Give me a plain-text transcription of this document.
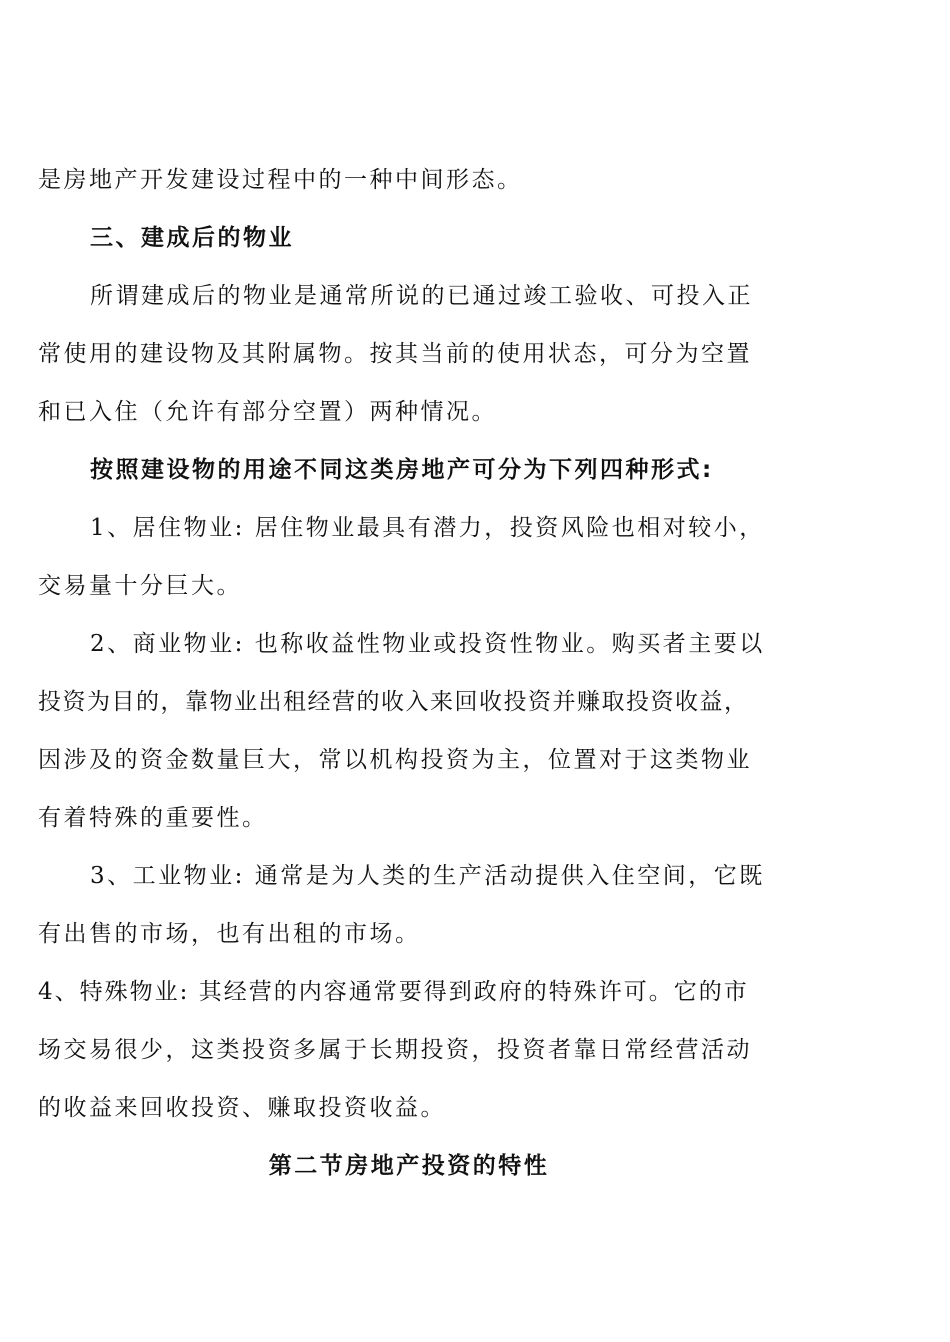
是房地产开发建设过程中的一种中间形态。
三、建成后的物业
所谓建成后的物业是通常所说的已通过竣工验收、可投入正
常使用的建设物及其附属物。按其当前的使用状态，可分为空置
和已入住（允许有部分空置）两种情况。
按照建设物的用途不同这类房地产可分为下列四种形式:
1、居住物业: 居住物业最具有潜力，投资风险也相对较小，
交易量十分巨大。
2、商业物业: 也称收益性物业或投资性物业。购买者主要以
投资为目的，靠物业出租经营的收入来回收投资并赚取投资收益，
因涉及的资金数量巨大，常以机构投资为主，位置对于这类物业
有着特殊的重要性。
3、工业物业: 通常是为人类的生产活动提供入住空间，它既
有出售的市场，也有出租的市场。
4、特殊物业: 其经营的内容通常要得到政府的特殊许可。它的市
场交易很少，这类投资多属于长期投资，投资者靠日常经营活动
的收益来回收投资、赚取投资收益。
第二节房地产投资的特性
